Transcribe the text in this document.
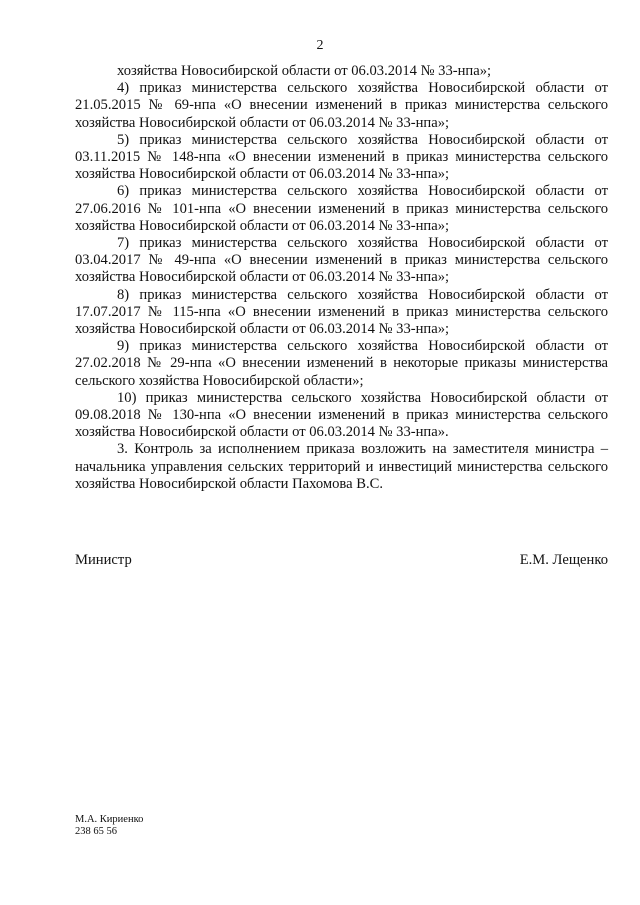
2

хозяйства Новосибирской области от 06.03.2014 № 33-нпа»;

4) приказ министерства сельского хозяйства Новосибирской области от 21.05.2015 № 69-нпа «О внесении изменений в приказ министерства сельского хозяйства Новосибирской области от 06.03.2014 № 33-нпа»;

5) приказ министерства сельского хозяйства Новосибирской области от 03.11.2015 № 148-нпа «О внесении изменений в приказ министерства сельского хозяйства Новосибирской области от 06.03.2014 № 33-нпа»;

6) приказ министерства сельского хозяйства Новосибирской области от 27.06.2016 № 101-нпа «О внесении изменений в приказ министерства сельского хозяйства Новосибирской области от 06.03.2014 № 33-нпа»;

7) приказ министерства сельского хозяйства Новосибирской области от 03.04.2017 № 49-нпа «О внесении изменений в приказ министерства сельского хозяйства Новосибирской области от 06.03.2014 № 33-нпа»;

8) приказ министерства сельского хозяйства Новосибирской области от 17.07.2017 № 115-нпа «О внесении изменений в приказ министерства сельского хозяйства Новосибирской области от 06.03.2014 № 33-нпа»;

9) приказ министерства сельского хозяйства Новосибирской области от 27.02.2018 № 29-нпа «О внесении изменений в некоторые приказы министерства сельского хозяйства Новосибирской области»;

10) приказ министерства сельского хозяйства Новосибирской области от 09.08.2018 № 130-нпа «О внесении изменений в приказ министерства сельского хозяйства Новосибирской области от 06.03.2014 № 33-нпа».

3. Контроль за исполнением приказа возложить на заместителя министра – начальника управления сельских территорий и инвестиций министерства сельского хозяйства Новосибирской области Пахомова В.С.

Министр	Е.М. Лещенко
М.А. Кириенко
238 65 56
